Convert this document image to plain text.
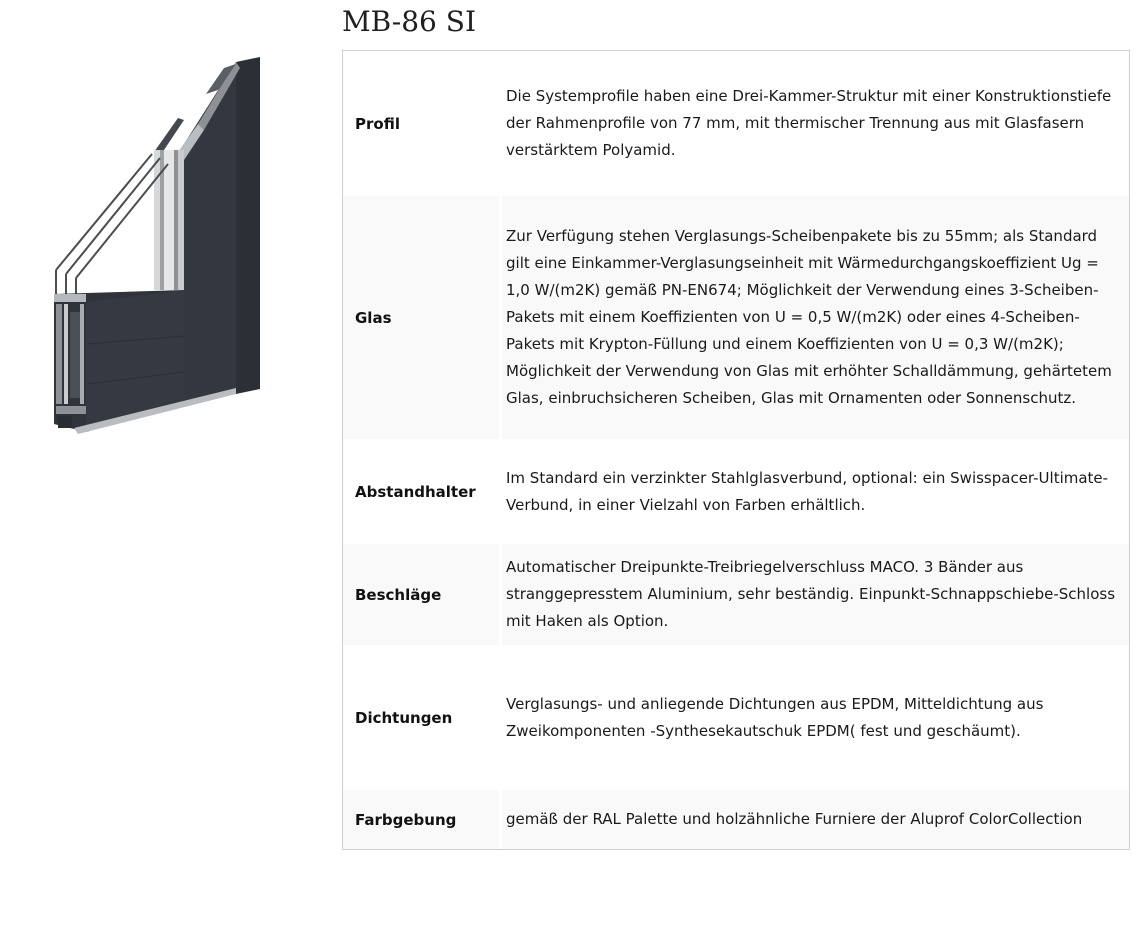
MB-86 SI
Profil
Die Systemprofile haben eine Drei-Kammer-Struktur mit einer Konstruktionstiefe der Rahmenprofile von 77 mm, mit thermischer Trennung aus mit Glasfasern verstärktem Polyamid.
Glas
Zur Verfügung stehen Verglasungs-Scheibenpakete bis zu 55mm; als Standard gilt eine Einkammer-Verglasungseinheit mit Wärmedurchgangskoeffizient Ug = 1,0 W/(m2K) gemäß PN-EN674; Möglichkeit der Verwendung eines 3-Scheiben-Pakets mit einem Koeffizienten von U = 0,5 W/(m2K) oder eines 4-Scheiben-Pakets mit Krypton-Füllung und einem Koeffizienten von U = 0,3 W/(m2K); Möglichkeit der Verwendung von Glas mit erhöhter Schalldämmung, gehärtetem Glas, einbruchsicheren Scheiben, Glas mit Ornamenten oder Sonnenschutz.
Abstandhalter
Im Standard ein verzinkter Stahlglasverbund, optional: ein Swisspacer-Ultimate-Verbund, in einer Vielzahl von Farben erhältlich.
Beschläge
Automatischer Dreipunkte-Treibriegelverschluss MACO. 3 Bänder aus stranggepresstem Aluminium, sehr beständig. Einpunkt-Schnappschiebe-Schloss mit Haken als Option.
Dichtungen
Verglasungs- und anliegende Dichtungen aus EPDM, Mitteldichtung aus Zweikomponenten -Synthesekautschuk EPDM( fest und geschäumt).
Farbgebung	gemäß der RAL Palette und holzähnliche Furniere der Aluprof ColorCollection
